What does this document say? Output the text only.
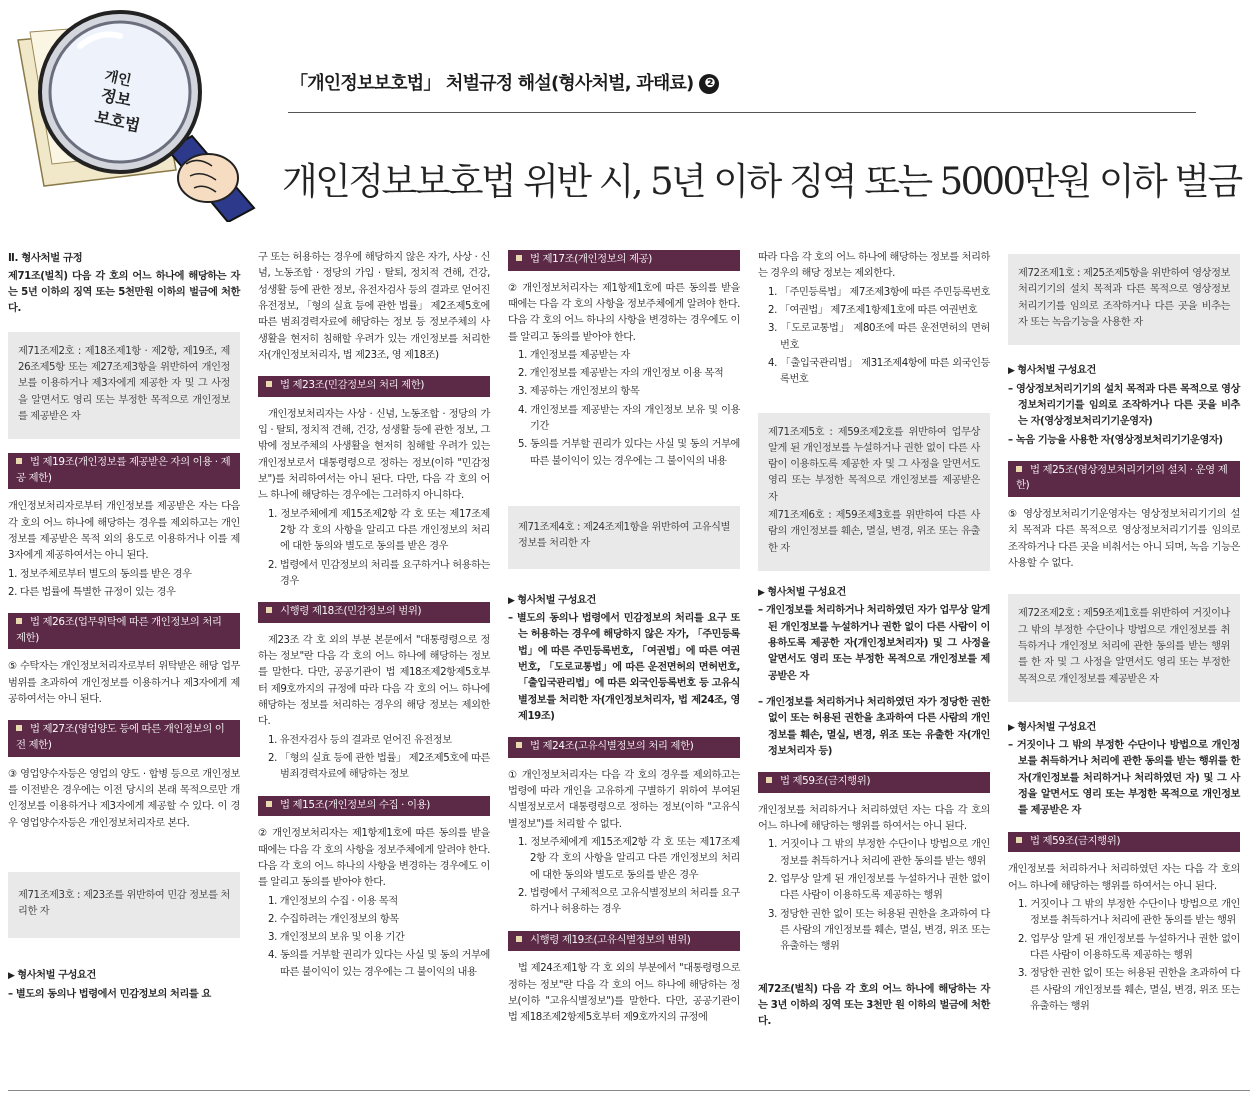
개인
정보
보호법
「개인정보보호법」 처벌규정 해설(형사처벌, 과태료) ❷
개인정보보호법 위반 시, 5년 이하 징역 또는 5000만원 이하 벌금

Ⅱ. 형사처벌 규정

제71조(벌칙) 다음 각 호의 어느 하나에 해당하는 자는 5년 이하의 징역 또는 5천만원 이하의 벌금에 처한다.

제71조제2호 : 제18조제1항 · 제2항, 제19조, 제26조제5항 또는 제27조제3항을 위반하여 개인정보를 이용하거나 제3자에게 제공한 자 및 그 사정을 알면서도 영리 또는 부정한 목적으로 개인정보를 제공받은 자

법 제19조(개인정보를 제공받은 자의 이용 · 제공 제한)

개인정보처리자로부터 개인정보를 제공받은 자는 다음 각 호의 어느 하나에 해당하는 경우를 제외하고는 개인정보를 제공받은 목적 외의 용도로 이용하거나 이를 제3자에게 제공하여서는 아니 된다.

1. 정보주체로부터 별도의 동의를 받은 경우

2. 다른 법률에 특별한 규정이 있는 경우

법 제26조(업무위탁에 따른 개인정보의 처리 제한)

⑤ 수탁자는 개인정보처리자로부터 위탁받은 해당 업무 범위를 초과하여 개인정보를 이용하거나 제3자에게 제공하여서는 아니 된다.

법 제27조(영업양도 등에 따른 개인정보의 이전 제한)

③ 영업양수자등은 영업의 양도 · 합병 등으로 개인정보를 이전받은 경우에는 이전 당시의 본래 목적으로만 개인정보를 이용하거나 제3자에게 제공할 수 있다. 이 경우 영업양수자등은 개인정보처리자로 본다.

제71조제3호 : 제23조를 위반하여 민감 정보를 처리한 자

▶ 형사처벌 구성요건

– 별도의 동의나 법령에서 민감정보의 처리를 요

구 또는 허용하는 경우에 해당하지 않은 자가, 사상 · 신념, 노동조합 · 정당의 가입 · 탈퇴, 정치적 견해, 건강, 성생활 등에 관한 정보, 유전자검사 등의 결과로 얻어진 유전정보, 「형의 실효 등에 관한 법률」 제2조제5호에 따른 범죄경력자료에 해당하는 정보 등 정보주체의 사생활을 현저히 침해할 우려가 있는 개인정보를 처리한 자(개인정보처리자, 법 제23조, 영 제18조)

법 제23조(민감정보의 처리 제한)

개인정보처리자는 사상 · 신념, 노동조합 · 정당의 가입 · 탈퇴, 정치적 견해, 건강, 성생활 등에 관한 정보, 그 밖에 정보주체의 사생활을 현저히 침해할 우려가 있는 개인정보로서 대통령령으로 정하는 정보(이하 "민감정보")를 처리하여서는 아니 된다. 다만, 다음 각 호의 어느 하나에 해당하는 경우에는 그러하지 아니하다.

1. 정보주체에게 제15조제2항 각 호 또는 제17조제2항 각 호의 사항을 알리고 다른 개인정보의 처리에 대한 동의와 별도로 동의를 받은 경우

2. 법령에서 민감정보의 처리를 요구하거나 허용하는 경우

시행령 제18조(민감정보의 범위)

제23조 각 호 외의 부분 본문에서 "대통령령으로 정하는 정보"란 다음 각 호의 어느 하나에 해당하는 정보를 말한다. 다만, 공공기관이 법 제18조제2항제5호부터 제9호까지의 규정에 따라 다음 각 호의 어느 하나에 해당하는 정보를 처리하는 경우의 해당 정보는 제외한다.

1. 유전자검사 등의 결과로 얻어진 유전정보

2. 「형의 실효 등에 관한 법률」 제2조제5호에 따른 범죄경력자료에 해당하는 정보

법 제15조(개인정보의 수집 · 이용)

② 개인정보처리자는 제1항제1호에 따른 동의를 받을 때에는 다음 각 호의 사항을 정보주체에게 알려야 한다. 다음 각 호의 어느 하나의 사항을 변경하는 경우에도 이를 알리고 동의를 받아야 한다.

1. 개인정보의 수집 · 이용 목적

2. 수집하려는 개인정보의 항목

3. 개인정보의 보유 및 이용 기간

4. 동의를 거부할 권리가 있다는 사실 및 동의 거부에 따른 불이익이 있는 경우에는 그 불이익의 내용

법 제17조(개인정보의 제공)

② 개인정보처리자는 제1항제1호에 따른 동의를 받을 때에는 다음 각 호의 사항을 정보주체에게 알려야 한다. 다음 각 호의 어느 하나의 사항을 변경하는 경우에도 이를 알리고 동의를 받아야 한다.

1. 개인정보를 제공받는 자

2. 개인정보를 제공받는 자의 개인정보 이용 목적

3. 제공하는 개인정보의 항목

4. 개인정보를 제공받는 자의 개인정보 보유 및 이용 기간

5. 동의를 거부할 권리가 있다는 사실 및 동의 거부에 따른 불이익이 있는 경우에는 그 불이익의 내용

제71조제4호 : 제24조제1항을 위반하여 고유식별정보를 처리한 자

▶ 형사처벌 구성요건

– 별도의 동의나 법령에서 민감정보의 처리를 요구 또는 허용하는 경우에 해당하지 않은 자가, 「주민등록법」에 따른 주민등록번호, 「여권법」에 따른 여권번호, 「도로교통법」에 따른 운전면허의 면허번호, 「출입국관리법」에 따른 외국인등록번호 등 고유식별정보를 처리한 자(개인정보처리자, 법 제24조, 영 제19조)

법 제24조(고유식별정보의 처리 제한)

① 개인정보처리자는 다음 각 호의 경우를 제외하고는 법령에 따라 개인을 고유하게 구별하기 위하여 부여된 식별정보로서 대통령령으로 정하는 정보(이하 "고유식별정보")를 처리할 수 없다.

1. 정보주체에게 제15조제2항 각 호 또는 제17조제2항 각 호의 사항을 알리고 다른 개인정보의 처리에 대한 동의와 별도로 동의를 받은 경우

2. 법령에서 구체적으로 고유식별정보의 처리를 요구하거나 허용하는 경우

시행령 제19조(고유식별정보의 범위)

법 제24조제1항 각 호 외의 부분에서 "대통령령으로 정하는 정보"란 다음 각 호의 어느 하나에 해당하는 정보(이하 "고유식별정보")를 말한다. 다만, 공공기관이 법 제18조제2항제5호부터 제9호까지의 규정에

따라 다음 각 호의 어느 하나에 해당하는 정보를 처리하는 경우의 해당 정보는 제외한다.

1. 「주민등록법」 제7조제3항에 따른 주민등록번호

2. 「여권법」 제7조제1항제1호에 따른 여권번호

3. 「도로교통법」 제80조에 따른 운전면허의 면허번호

4. 「출입국관리법」 제31조제4항에 따른 외국인등록번호

제71조제5호 : 제59조제2호를 위반하여 업무상 알게 된 개인정보를 누설하거나 권한 없이 다른 사람이 이용하도록 제공한 자 및 그 사정을 알면서도 영리 또는 부정한 목적으로 개인정보를 제공받은 자

제71조제6호 : 제59조제3호를 위반하여 다른 사람의 개인정보를 훼손, 멸실, 변경, 위조 또는 유출한 자

▶ 형사처벌 구성요건

– 개인정보를 처리하거나 처리하였던 자가 업무상 알게 된 개인정보를 누설하거나 권한 없이 다른 사람이 이용하도록 제공한 자(개인정보처리자) 및 그 사정을 알면서도 영리 또는 부정한 목적으로 개인정보를 제공받은 자

– 개인정보를 처리하거나 처리하였던 자가 정당한 권한 없이 또는 허용된 권한을 초과하여 다른 사람의 개인정보를 훼손, 멸실, 변경, 위조 또는 유출한 자(개인정보처리자 등)

법 제59조(금지행위)

개인정보를 처리하거나 처리하였던 자는 다음 각 호의 어느 하나에 해당하는 행위를 하여서는 아니 된다.

1. 거짓이나 그 밖의 부정한 수단이나 방법으로 개인정보를 취득하거나 처리에 관한 동의를 받는 행위

2. 업무상 알게 된 개인정보를 누설하거나 권한 없이 다른 사람이 이용하도록 제공하는 행위

3. 정당한 권한 없이 또는 허용된 권한을 초과하여 다른 사람의 개인정보를 훼손, 멸실, 변경, 위조 또는 유출하는 행위

제72조(벌칙) 다음 각 호의 어느 하나에 해당하는 자는 3년 이하의 징역 또는 3천만 원 이하의 벌금에 처한다.

제72조제1호 : 제25조제5항을 위반하여 영상정보처리기기의 설치 목적과 다른 목적으로 영상정보처리기기를 임의로 조작하거나 다른 곳을 비추는 자 또는 녹음기능을 사용한 자

▶ 형사처벌 구성요건

– 영상정보처리기기의 설치 목적과 다른 목적으로 영상정보처리기기를 임의로 조작하거나 다른 곳을 비추는 자(영상정보처리기기운영자)

– 녹음 기능을 사용한 자(영상정보처리기기운영자)

법 제25조(영상정보처리기기의 설치 · 운영 제한)

⑤ 영상정보처리기기운영자는 영상정보처리기기의 설치 목적과 다른 목적으로 영상정보처리기기를 임의로 조작하거나 다른 곳을 비춰서는 아니 되며, 녹음 기능은 사용할 수 없다.

제72조제2호 : 제59조제1호를 위반하여 거짓이나 그 밖의 부정한 수단이나 방법으로 개인정보를 취득하거나 개인정보 처리에 관한 동의를 받는 행위를 한 자 및 그 사정을 알면서도 영리 또는 부정한 목적으로 개인정보를 제공받은 자

▶ 형사처벌 구성요건

– 거짓이나 그 밖의 부정한 수단이나 방법으로 개인정보를 취득하거나 처리에 관한 동의를 받는 행위를 한 자(개인정보를 처리하거나 처리하였던 자) 및 그 사정을 알면서도 영리 또는 부정한 목적으로 개인정보를 제공받은 자

법 제59조(금지행위)

개인정보를 처리하거나 처리하였던 자는 다음 각 호의 어느 하나에 해당하는 행위를 하여서는 아니 된다.

1. 거짓이나 그 밖의 부정한 수단이나 방법으로 개인정보를 취득하거나 처리에 관한 동의를 받는 행위

2. 업무상 알게 된 개인정보를 누설하거나 권한 없이 다른 사람이 이용하도록 제공하는 행위

3. 정당한 권한 없이 또는 허용된 권한을 초과하여 다른 사람의 개인정보를 훼손, 멸실, 변경, 위조 또는 유출하는 행위
